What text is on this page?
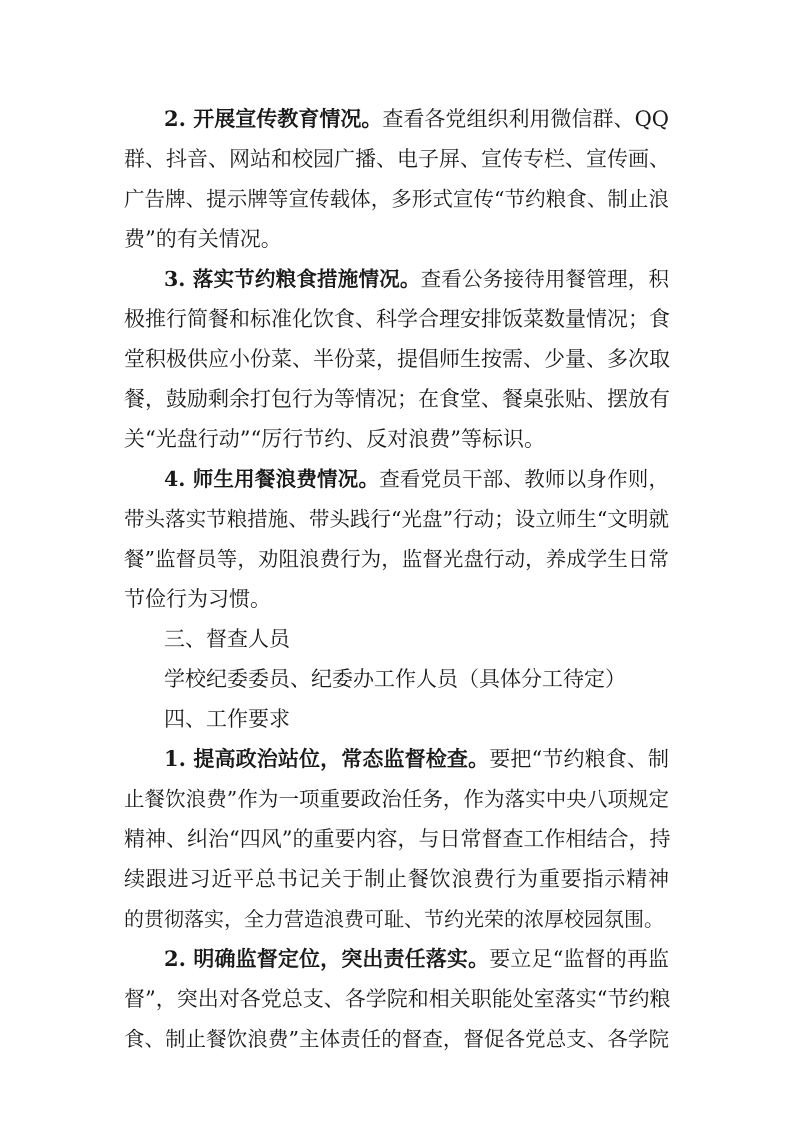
2. 开展宣传教育情况。查看各党组织利用微信群、QQ
群、抖音、网站和校园广播、电子屏、宣传专栏、宣传画、
广告牌、提示牌等宣传载体，多形式宣传“节约粮食、制止浪
费”的有关情况。
3. 落实节约粮食措施情况。查看公务接待用餐管理，积
极推行简餐和标准化饮食、科学合理安排饭菜数量情况；食
堂积极供应小份菜、半份菜，提倡师生按需、少量、多次取
餐，鼓励剩余打包行为等情况；在食堂、餐桌张贴、摆放有
关“光盘行动”“厉行节约、反对浪费”等标识。
4. 师生用餐浪费情况。查看党员干部、教师以身作则，
带头落实节粮措施、带头践行“光盘”行动；设立师生“文明就
餐”监督员等，劝阻浪费行为，监督光盘行动，养成学生日常
节俭行为习惯。
三、督查人员
学校纪委委员、纪委办工作人员（具体分工待定）
四、工作要求
1. 提高政治站位，常态监督检查。要把“节约粮食、制
止餐饮浪费”作为一项重要政治任务，作为落实中央八项规定
精神、纠治“四风”的重要内容，与日常督查工作相结合，持
续跟进习近平总书记关于制止餐饮浪费行为重要指示精神
的贯彻落实，全力营造浪费可耻、节约光荣的浓厚校园氛围。
2. 明确监督定位，突出责任落实。要立足“监督的再监
督”，突出对各党总支、各学院和相关职能处室落实“节约粮
食、制止餐饮浪费”主体责任的督查，督促各党总支、各学院
